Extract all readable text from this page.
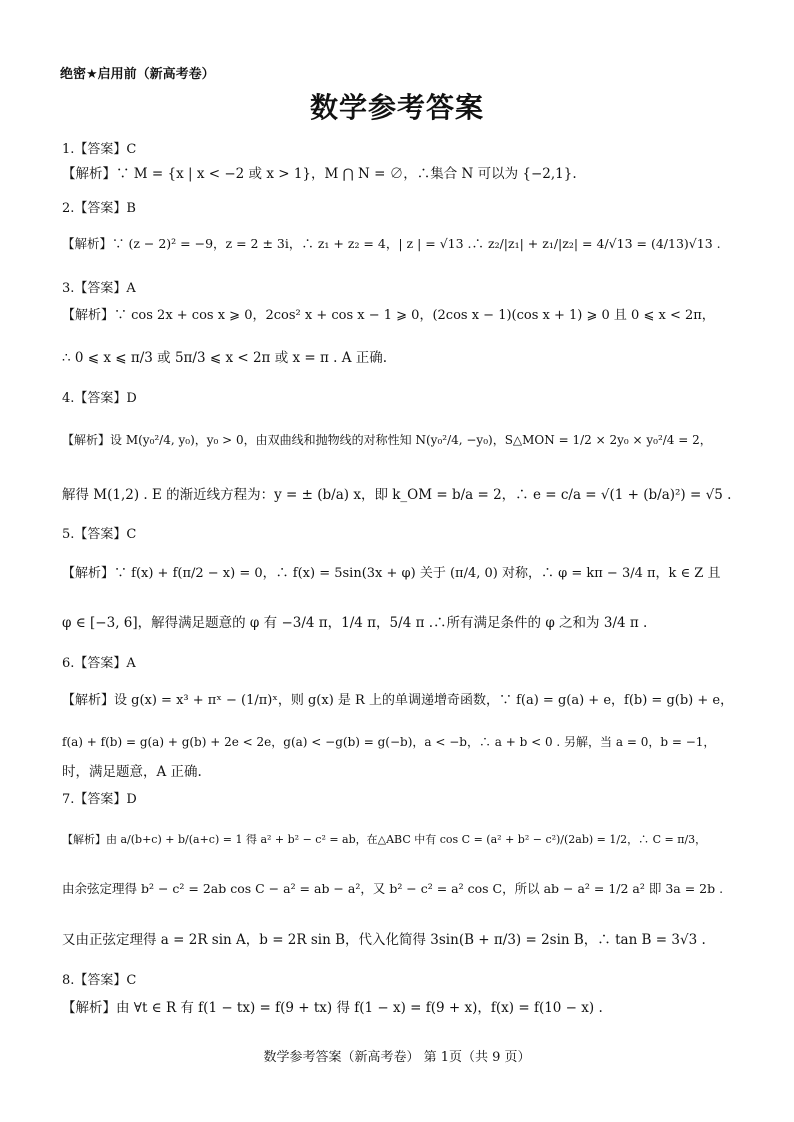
绝密★启用前（新高考卷）
数学参考答案
1.【答案】C
【解析】∵ M = {x | x < −2 或 x > 1}，M ⋂ N = ∅，∴集合 N 可以为 {−2,1}.
2.【答案】B
【解析】∵ (z − 2)² = −9，z = 2 ± 3i，∴ z₁ + z₂ = 4，| z | = √13 .∴ z₂/|z₁| + z₁/|z₂| = 4/√13 = (4/13)√13 .
3.【答案】A
【解析】∵ cos 2x + cos x ⩾ 0，2cos² x + cos x − 1 ⩾ 0，(2cos x − 1)(cos x + 1) ⩾ 0 且 0 ⩽ x < 2π，
∴ 0 ⩽ x ⩽ π/3 或 5π/3 ⩽ x < 2π 或 x = π . A 正确.
4.【答案】D
【解析】设 M(y₀²/4, y₀)，y₀ > 0，由双曲线和抛物线的对称性知 N(y₀²/4, −y₀)，S△MON = 1/2 × 2y₀ × y₀²/4 = 2，
解得 M(1,2) . E 的渐近线方程为：y = ± (b/a) x，即 k_OM = b/a = 2，∴ e = c/a = √(1 + (b/a)²) = √5 .
5.【答案】C
【解析】∵ f(x) + f(π/2 − x) = 0，∴ f(x) = 5sin(3x + φ) 关于 (π/4, 0) 对称，∴ φ = kπ − 3/4 π，k ∈ Z 且
φ ∈ [−3, 6]，解得满足题意的 φ 有 −3/4 π，1/4 π，5/4 π .∴所有满足条件的 φ 之和为 3/4 π .
6.【答案】A
【解析】设 g(x) = x³ + πˣ − (1/π)ˣ，则 g(x) 是 R 上的单调递增奇函数，∵ f(a) = g(a) + e，f(b) = g(b) + e，
f(a) + f(b) = g(a) + g(b) + 2e < 2e，g(a) < −g(b) = g(−b)，a < −b，∴ a + b < 0 . 另解，当 a = 0，b = −1，
时，满足题意，A 正确.
7.【答案】D
【解析】由 a/(b+c) + b/(a+c) = 1 得 a² + b² − c² = ab，在△ABC 中有 cos C = (a² + b² − c²)/(2ab) = 1/2，∴ C = π/3，
由余弦定理得 b² − c² = 2ab cos C − a² = ab − a²，又 b² − c² = a² cos C，所以 ab − a² = 1/2 a² 即 3a = 2b .
又由正弦定理得 a = 2R sin A，b = 2R sin B，代入化简得 3sin(B + π/3) = 2sin B，∴ tan B = 3√3 .
8.【答案】C
【解析】由 ∀t ∈ R 有 f(1 − tx) = f(9 + tx) 得 f(1 − x) = f(9 + x)，f(x) = f(10 − x) .
数学参考答案（新高考卷） 第 1页（共 9 页）
